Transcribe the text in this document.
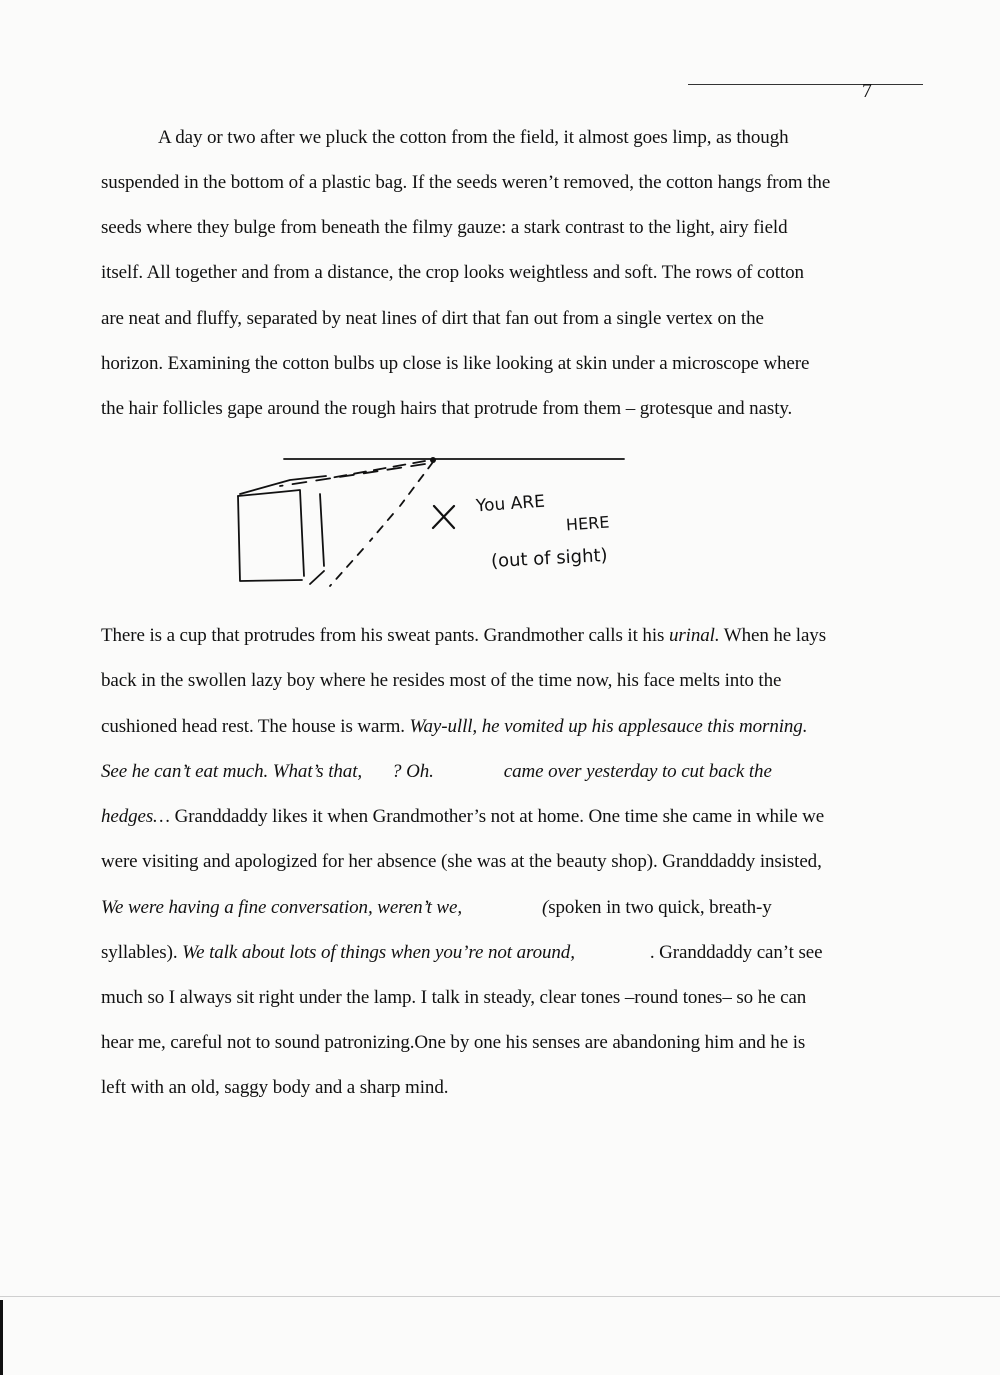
7
A day or two after we pluck the cotton from the field, it almost goes limp, as though
suspended in the bottom of a plastic bag. If the seeds weren’t removed, the cotton hangs from the
seeds where they bulge from beneath the filmy gauze: a stark contrast to the light, airy field
itself. All together and from a distance, the crop looks weightless and soft. The rows of cotton
are neat and fluffy, separated by neat lines of dirt that fan out from a single vertex on the
horizon. Examining the cotton bulbs up close is like looking at skin under a microscope where
the hair follicles gape around the rough hairs that protrude from them – grotesque and nasty.
You ARE
HERE
(out of sight)
There is a cup that protrudes from his sweat pants. Grandmother calls it his urinal. When he lays
back in the swollen lazy boy where he resides most of the time now, his face melts into the
cushioned head rest. The house is warm. Way-ulll, he vomited up his applesauce this morning.
See he can’t eat much. What’s that, ? Oh.	came over yesterday to cut back the
hedges… Granddaddy likes it when Grandmother’s not at home. One time she came in while we
were visiting and apologized for her absence (she was at the beauty shop). Granddaddy insisted,
We were having a fine conversation, weren’t we,	(spoken in two quick, breath-y
syllables). We talk about lots of things when you’re not around,	. Granddaddy can’t see
much so I always sit right under the lamp. I talk in steady, clear tones –round tones– so he can
hear me, careful not to sound patronizing.One by one his senses are abandoning him and he is
left with an old, saggy body and a sharp mind.
